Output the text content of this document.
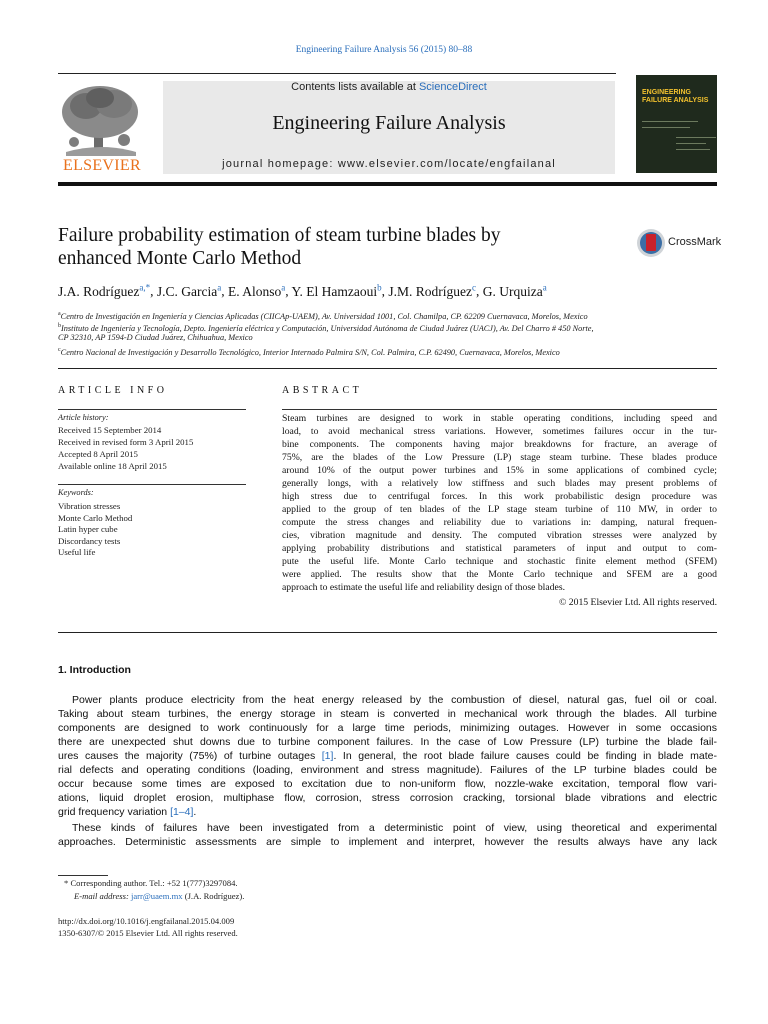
Engineering Failure Analysis 56 (2015) 80–88
ELSEVIER
Contents lists available at ScienceDirect
Engineering Failure Analysis
journal homepage: www.elsevier.com/locate/engfailanal
ENGINEERING FAILURE ANALYSIS
Failure probability estimation of steam turbine blades by
enhanced Monte Carlo Method
CrossMark
J.A. Rodríguez$^{a,*}$, J.C. Garcia$^a$, E. Alonso$^a$, Y. El Hamzaoui$^b$, J.M. Rodríguez$^c$, G. Urquiza$^a$
$^a$Centro de Investigación en Ingeniería y Ciencias Aplicadas (CIICAp-UAEM), Av. Universidad 1001, Col. Chamilpa, CP. 62209 Cuernavaca, Morelos, Mexico
$^b$Instituto de Ingeniería y Tecnología, Depto. Ingeniería eléctrica y Computación, Universidad Autónoma de Ciudad Juárez (UACJ), Av. Del Charro # 450 Norte,
CP 32310, AP 1594-D Ciudad Juárez, Chihuahua, Mexico
$^c$Centro Nacional de Investigación y Desarrollo Tecnológico, Interior Internado Palmira S/N, Col. Palmira, C.P. 62490, Cuernavaca, Morelos, Mexico
ARTICLE INFO
Article history:
Received 15 September 2014
Received in revised form 3 April 2015
Accepted 8 April 2015
Available online 18 April 2015
Keywords:
Vibration stresses
Monte Carlo Method
Latin hyper cube
Discordancy tests
Useful life
ABSTRACT
Steam turbines are designed to work in stable operating conditions, including speed and
load, to avoid mechanical stress variations. However, sometimes failures occur in the tur-
bine components. The components having major breakdowns for fracture, an average of
75%, are the blades of the Low Pressure (LP) stage steam turbine. These blades produce
around 10% of the output power turbines and 15% in some applications of combined cycle;
generally longs, with a relatively low stiffness and such blades may present problems of
high stress due to centrifugal forces. In this work probabilistic design procedure was
applied to the group of ten blades of the LP stage steam turbine of 110 MW, in order to
compute the stress changes and reliability due to variations in: damping, natural frequen-
cies, vibration magnitude and density. The computed vibration stresses were analyzed by
applying probability distributions and statistical parameters of input and output to com-
pute the useful life. Monte Carlo technique and stochastic finite element method (SFEM)
were applied. The results show that the Monte Carlo technique and SFEM are a good
approach to estimate the useful life and reliability design of those blades.
© 2015 Elsevier Ltd. All rights reserved.
1. Introduction
Power plants produce electricity from the heat energy released by the combustion of diesel, natural gas, fuel oil or coal.
Taking about steam turbines, the energy storage in steam is converted in mechanical work through the blades. All turbine
components are designed to work continuously for a large time periods, minimizing outages. However in some occasions
there are unexpected shut downs due to turbine component failures. In the case of Low Pressure (LP) turbine the blade fail-
ures causes the majority (75%) of turbine outages [1]. In general, the root blade failure causes could be finding in blade mate-
rial defects and operating conditions (loading, environment and stress magnitude). Failures of the LP turbine blades could be
occur because some times are exposed to excitation due to non-uniform flow, nozzle-wake excitation, temporal flow vari-
ations, liquid droplet erosion, multiphase flow, corrosion, stress corrosion cracking, torsional blade vibrations and electric
grid frequency variation [1–4].
These kinds of failures have been investigated from a deterministic point of view, using theoretical and experimental
approaches. Deterministic assessments are simple to implement and interpret, however the results always have any lack
* Corresponding author. Tel.: +52 1(777)3297084.
E-mail address: jarr@uaem.mx (J.A. Rodríguez).
http://dx.doi.org/10.1016/j.engfailanal.2015.04.009
1350-6307/© 2015 Elsevier Ltd. All rights reserved.
